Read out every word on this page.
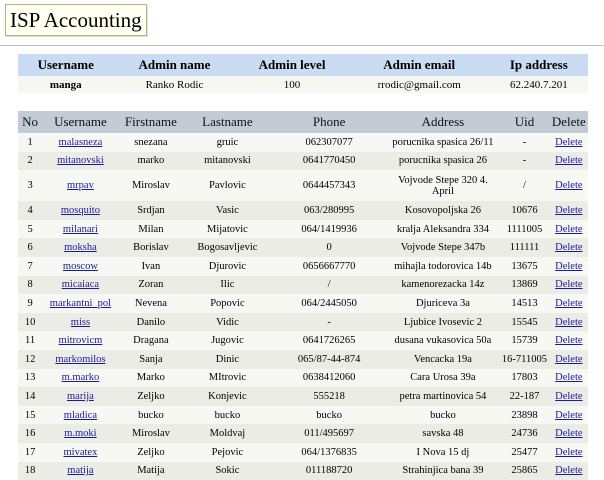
ISP Accounting
Username	Admin name	Admin level	Admin email	Ip address
manga	Ranko Rodic	100	rrodic@gmail.com	62.240.7.201
No	Username	Firstname	Lastname	Phone	Address	Uid	Delete
1	malasneza	snezana	gruic	062307077	porucnika spasica 26/11	-	Delete
2	mitanovski	marko	mitanovski	0641770450	porucnika spasica 26	-	Delete
3	mrpav	Miroslav	Pavlovic	0644457343	Vojvode Stepe 320 4. April	/	Delete
4	mosquito	Srdjan	Vasic	063/280995	Kosovopoljska 26	10676	Delete
5	milanari	Milan	Mijatovic	064/1419936	kralja Aleksandra 334	1111005	Delete
6	moksha	Borislav	Bogosavljevic	0	Vojvode Stepe 347b	111111	Delete
7	moscow	Ivan	Djurovic	0656667770	mihajla todorovica 14b	13675	Delete
8	micaiaca	Zoran	Ilic	/	kamenorezacka 14z	13869	Delete
9	markantni_pol	Nevena	Popovic	064/2445050	Djuriceva 3a	14513	Delete
10	miss	Danilo	Vidic	-	Ljubice Ivosevic 2	15545	Delete
11	mitrovicm	Dragana	Jugovic	0641726265	dusana vukasovica 50a	15739	Delete
12	markomilos	Sanja	Dinic	065/87-44-874	Vencacka 19a	16-711005	Delete
13	m.marko	Marko	MItrovic	0638412060	Cara Urosa 39a	17803	Delete
14	marija	Zeljko	Konjevic	555218	petra martinovica 54	22-187	Delete
15	mladica	bucko	bucko	bucko	bucko	23898	Delete
16	m.moki	Miroslav	Moldvaj	011/495697	savska 48	24736	Delete
17	mivatex	Zeljko	Pejovic	064/1376835	I Nova 15 dj	25477	Delete
18	matija	Matija	Sokic	011188720	Strahinjica bana 39	25865	Delete
